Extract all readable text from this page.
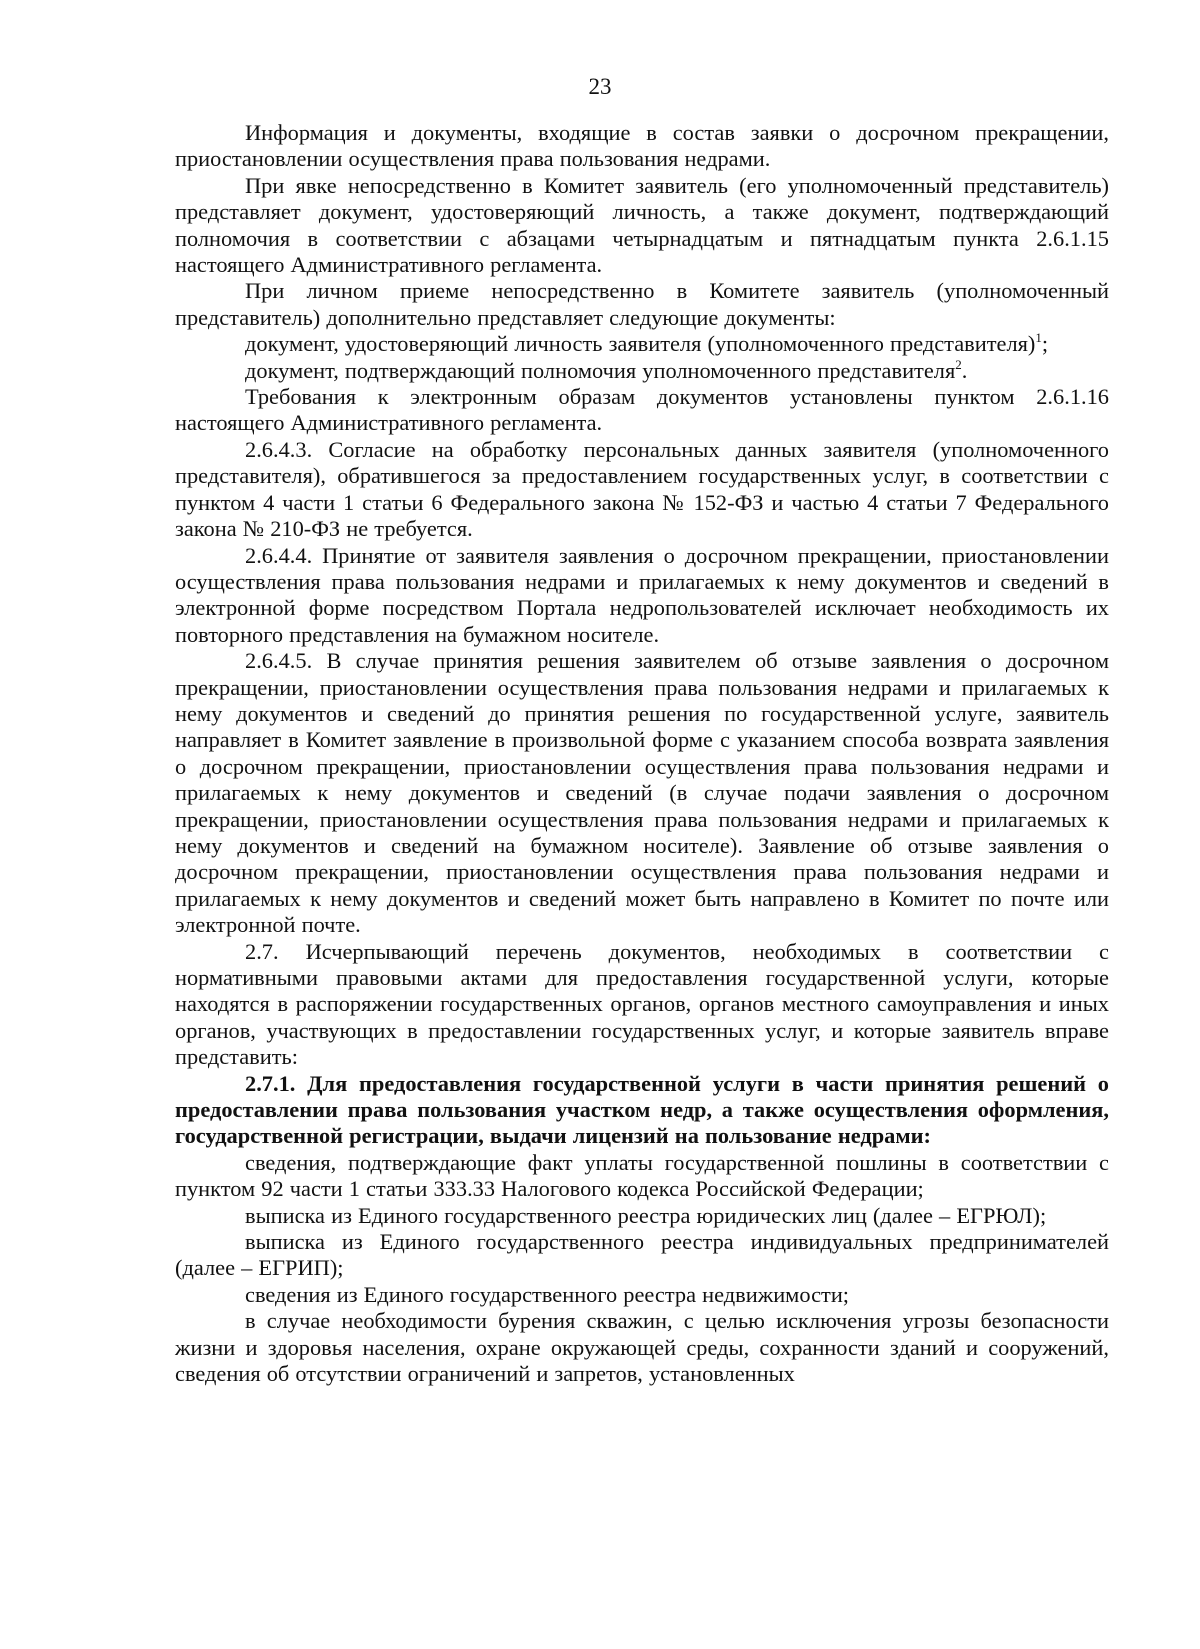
23

Информация и документы, входящие в состав заявки о досрочном прекращении, приостановлении осуществления права пользования недрами.

При явке непосредственно в Комитет заявитель (его уполномоченный представитель) представляет документ, удостоверяющий личность, а также документ, подтверждающий полномочия в соответствии с абзацами четырнадцатым и пятнадцатым пункта 2.6.1.15 настоящего Административного регламента.

При личном приеме непосредственно в Комитете заявитель (уполномоченный представитель) дополнительно представляет следующие документы:

документ, удостоверяющий личность заявителя (уполномоченного представителя)$^1$;

документ, подтверждающий полномочия уполномоченного представителя$^2$.

Требования к электронным образам документов установлены пунктом 2.6.1.16 настоящего Административного регламента.

2.6.4.3. Согласие на обработку персональных данных заявителя (уполномоченного представителя), обратившегося за предоставлением государственных услуг, в соответствии с пунктом 4 части 1 статьи 6 Федерального закона № 152-ФЗ и частью 4 статьи 7 Федерального закона № 210-ФЗ не требуется.

2.6.4.4. Принятие от заявителя заявления о досрочном прекращении, приостановлении осуществления права пользования недрами и прилагаемых к нему документов и сведений в электронной форме посредством Портала недропользователей исключает необходимость их повторного представления на бумажном носителе.

2.6.4.5. В случае принятия решения заявителем об отзыве заявления о досрочном прекращении, приостановлении осуществления права пользования недрами и прилагаемых к нему документов и сведений до принятия решения по государственной услуге, заявитель направляет в Комитет заявление в произвольной форме с указанием способа возврата заявления о досрочном прекращении, приостановлении осуществления права пользования недрами и прилагаемых к нему документов и сведений (в случае подачи заявления о досрочном прекращении, приостановлении осуществления права пользования недрами и прилагаемых к нему документов и сведений на бумажном носителе). Заявление об отзыве заявления о досрочном прекращении, приостановлении осуществления права пользования недрами и прилагаемых к нему документов и сведений может быть направлено в Комитет по почте или электронной почте.

2.7. Исчерпывающий перечень документов, необходимых в соответствии с нормативными правовыми актами для предоставления государственной услуги, которые находятся в распоряжении государственных органов, органов местного самоуправления и иных органов, участвующих в предоставлении государственных услуг, и которые заявитель вправе представить:

2.7.1. Для предоставления государственной услуги в части принятия решений о предоставлении права пользования участком недр, а также осуществления оформления, государственной регистрации, выдачи лицензий на пользование недрами:

сведения, подтверждающие факт уплаты государственной пошлины в соответствии с пунктом 92 части 1 статьи 333.33 Налогового кодекса Российской Федерации;

выписка из Единого государственного реестра юридических лиц (далее – ЕГРЮЛ);

выписка из Единого государственного реестра индивидуальных предпринимателей (далее – ЕГРИП);

сведения из Единого государственного реестра недвижимости;

в случае необходимости бурения скважин, с целью исключения угрозы безопасности жизни и здоровья населения, охране окружающей среды, сохранности зданий и сооружений, сведения об отсутствии ограничений и запретов, установленных
